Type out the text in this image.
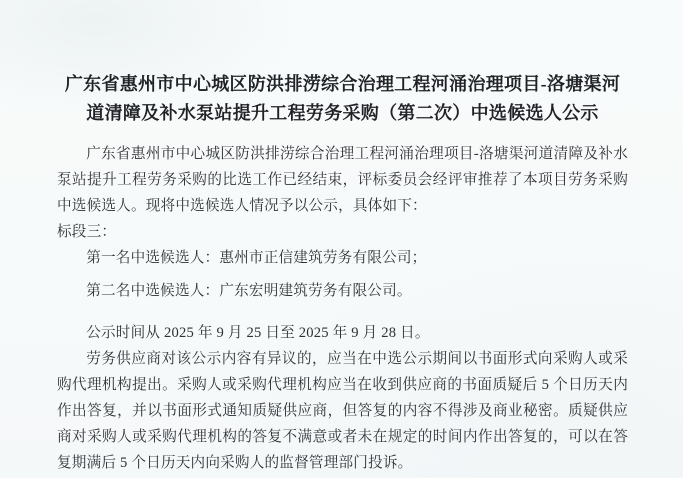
广东省惠州市中心城区防洪排涝综合治理工程河涌治理项目-洛塘渠河
道清障及补水泵站提升工程劳务采购（第二次）中选候选人公示

广东省惠州市中心城区防洪排涝综合治理工程河涌治理项目-洛塘渠河道清障及补水泵站提升工程劳务采购的比选工作已经结束，评标委员会经评审推荐了本项目劳务采购中选候选人。现将中选候选人情况予以公示，具体如下：

标段三：

第一名中选候选人：惠州市正信建筑劳务有限公司；

第二名中选候选人：广东宏明建筑劳务有限公司。

公示时间从 2025 年 9 月 25 日至 2025 年 9 月 28 日。

劳务供应商对该公示内容有异议的，应当在中选公示期间以书面形式向采购人或采购代理机构提出。采购人或采购代理机构应当在收到供应商的书面质疑后 5 个日历天内作出答复，并以书面形式通知质疑供应商，但答复的内容不得涉及商业秘密。质疑供应商对采购人或采购代理机构的答复不满意或者未在规定的时间内作出答复的，可以在答复期满后 5 个日历天内向采购人的监督管理部门投诉。
